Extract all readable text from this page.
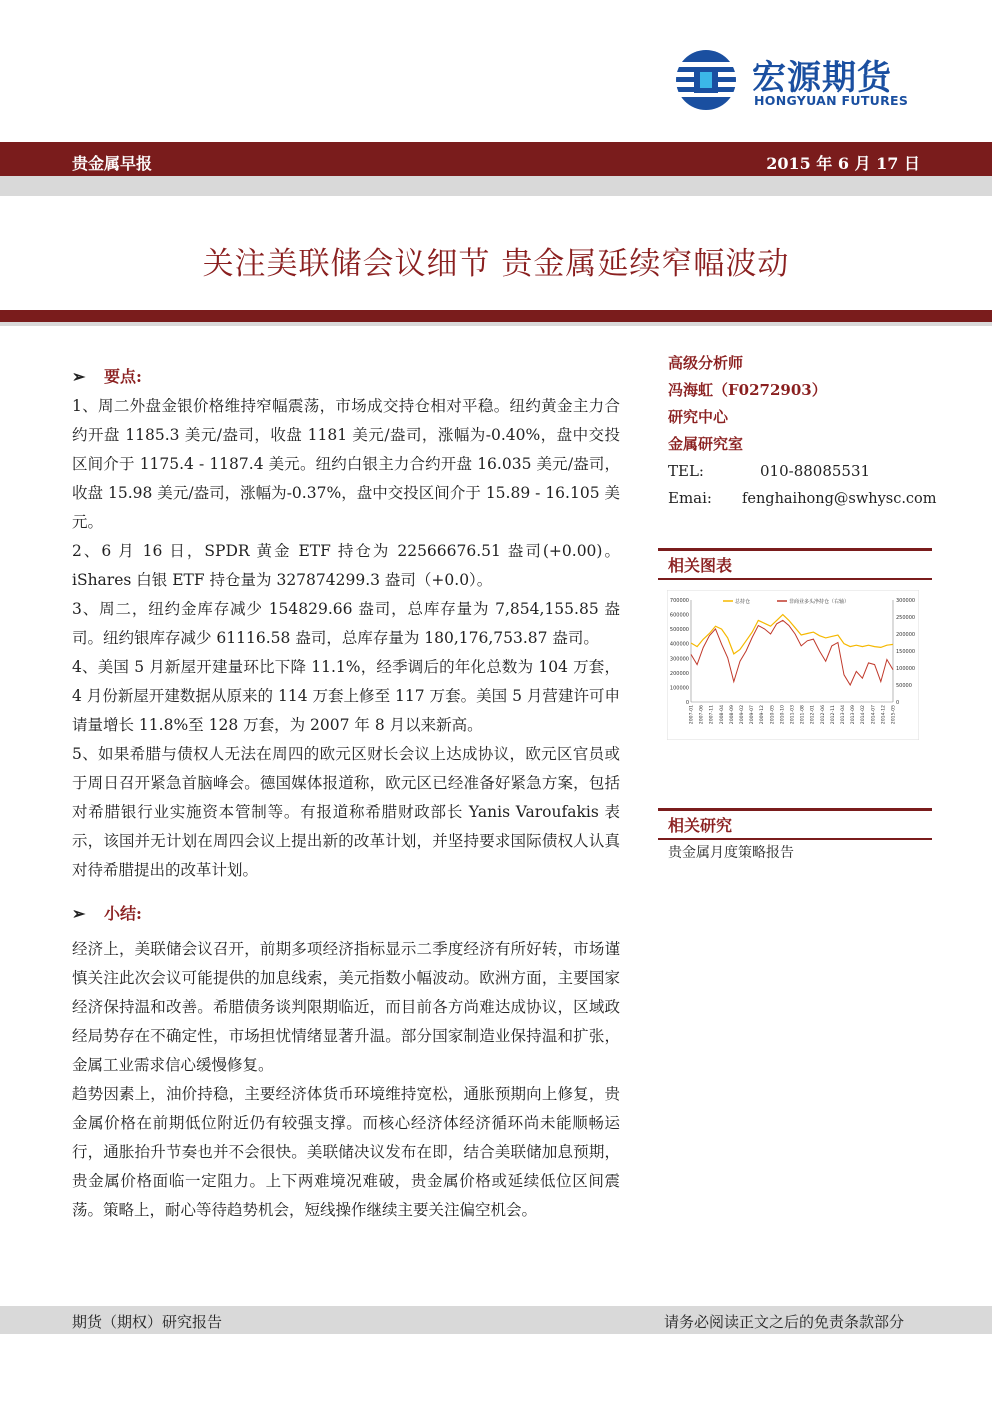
宏源期货
HONGYUAN FUTURES
贵金属早报	2015 年 6 月 17 日
关注美联储会议细节 贵金属延续窄幅波动
➢ 要点:

1、周二外盘金银价格维持窄幅震荡，市场成交持仓相对平稳。纽约黄金主力合约开盘 1185.3 美元/盎司，收盘 1181 美元/盎司，涨幅为-0.40%，盘中交投区间介于 1175.4 - 1187.4 美元。纽约白银主力合约开盘 16.035 美元/盎司，收盘 15.98 美元/盎司，涨幅为-0.37%，盘中交投区间介于 15.89 - 16.105 美元。

2、6 月 16 日，SPDR 黄金 ETF 持仓为 22566676.51 盎司(+0.00)。iShares 白银 ETF 持仓量为 327874299.3 盎司（+0.0）。

3、周二，纽约金库存减少 154829.66 盎司，总库存量为 7,854,155.85 盎司。纽约银库存减少 61116.58 盎司，总库存量为 180,176,753.87 盎司。

4、美国 5 月新屋开建量环比下降 11.1%，经季调后的年化总数为 104 万套，4 月份新屋开建数据从原来的 114 万套上修至 117 万套。美国 5 月营建许可申请量增长 11.8%至 128 万套，为 2007 年 8 月以来新高。

5、如果希腊与债权人无法在周四的欧元区财长会议上达成协议，欧元区官员或于周日召开紧急首脑峰会。德国媒体报道称，欧元区已经准备好紧急方案，包括对希腊银行业实施资本管制等。有报道称希腊财政部长 Yanis Varoufakis 表示，该国并无计划在周四会议上提出新的改革计划，并坚持要求国际债权人认真对待希腊提出的改革计划。

➢ 小结:

经济上，美联储会议召开，前期多项经济指标显示二季度经济有所好转，市场谨慎关注此次会议可能提供的加息线索，美元指数小幅波动。欧洲方面，主要国家经济保持温和改善。希腊债务谈判限期临近，而目前各方尚难达成协议，区域政经局势存在不确定性，市场担忧情绪显著升温。部分国家制造业保持温和扩张，金属工业需求信心缓慢修复。

趋势因素上，油价持稳，主要经济体货币环境维持宽松，通胀预期向上修复，贵金属价格在前期低位附近仍有较强支撑。而核心经济体经济循环尚未能顺畅运行，通胀抬升节奏也并不会很快。美联储决议发布在即，结合美联储加息预期，贵金属价格面临一定阻力。上下两难境况难破，贵金属价格或延续低位区间震荡。策略上，耐心等待趋势机会，短线操作继续主要关注偏空机会。

高级分析师
冯海虹（F0272903）
研究中心
金属研究室
TEL:	010-88085531
Emai: fenghaihong@swhysc.com
相关图表
700000
600000
500000
400000
300000
200000
100000
0
300000
250000
200000
150000
100000
50000
0
2007-01 2007-06 2007-11 2008-04 2008-09 2009-02 2009-07 2009-12 2010-05 2010-10 2011-03 2011-08 2012-01 2012-06 2012-11 2013-04 2013-09 2014-02 2014-07 2014-12 2015-05
总持仓	非商业多头净持仓（右轴）
相关研究
贵金属月度策略报告
期货（期权）研究报告	请务必阅读正文之后的免责条款部分
